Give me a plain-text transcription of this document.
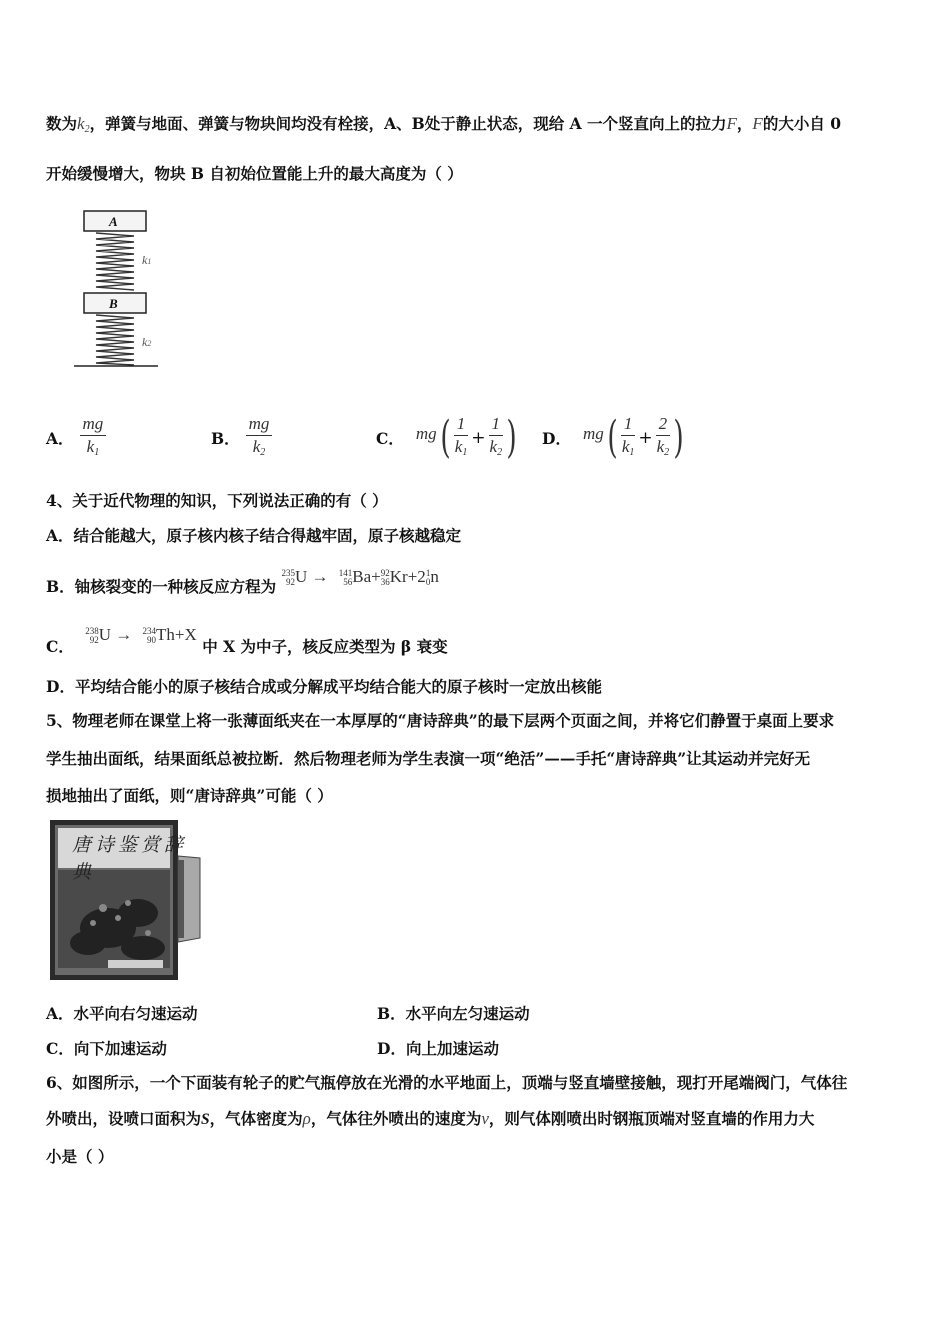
数为$k_2$，弹簧与地面、弹簧与物块间均没有栓接，A、B处于静止状态，现给 A 一个竖直向上的拉力F，F的大小自 0
开始缓慢增大，物块 B 自初始位置能上升的最大高度为（ ）
A
B
k1
k2
A． $\frac{mg}{k_1}$	B． $\frac{mg}{k_2}$	C． mg ( $\frac{1}{k_1} + \frac{1}{k_2}$ ) D． mg ( $\frac{1}{k_1} + \frac{2}{k_2}$ )
4、关于近代物理的知识，下列说法正确的有（ ）
A．结合能越大，原子核内核子结合得越牢固，原子核越稳定
B．铀核裂变的一种核反应方程为 235
92U → 141
56Ba+92
36Kr+21
0n
C． 238
92U → 234
90Th+X 中 X 为中子，核反应类型为 β 衰变
D．平均结合能小的原子核结合成或分解成平均结合能大的原子核时一定放出核能
5、物理老师在课堂上将一张薄面纸夹在一本厚厚的“唐诗辞典”的最下层两个页面之间，并将它们静置于桌面上要求
学生抽出面纸，结果面纸总被拉断．然后物理老师为学生表演一项“绝活”——手托“唐诗辞典”让其运动并完好无
损地抽出了面纸，则“唐诗辞典”可能（ ）
唐诗鉴赏辞典
A．水平向右匀速运动	B．水平向左匀速运动
C．向下加速运动	D．向上加速运动
6、如图所示，一个下面装有轮子的贮气瓶停放在光滑的水平地面上，顶端与竖直墙壁接触，现打开尾端阀门，气体往
外喷出，设喷口面积为S，气体密度为ρ，气体往外喷出的速度为v，则气体刚喷出时钢瓶顶端对竖直墙的作用力大
小是（ ）
